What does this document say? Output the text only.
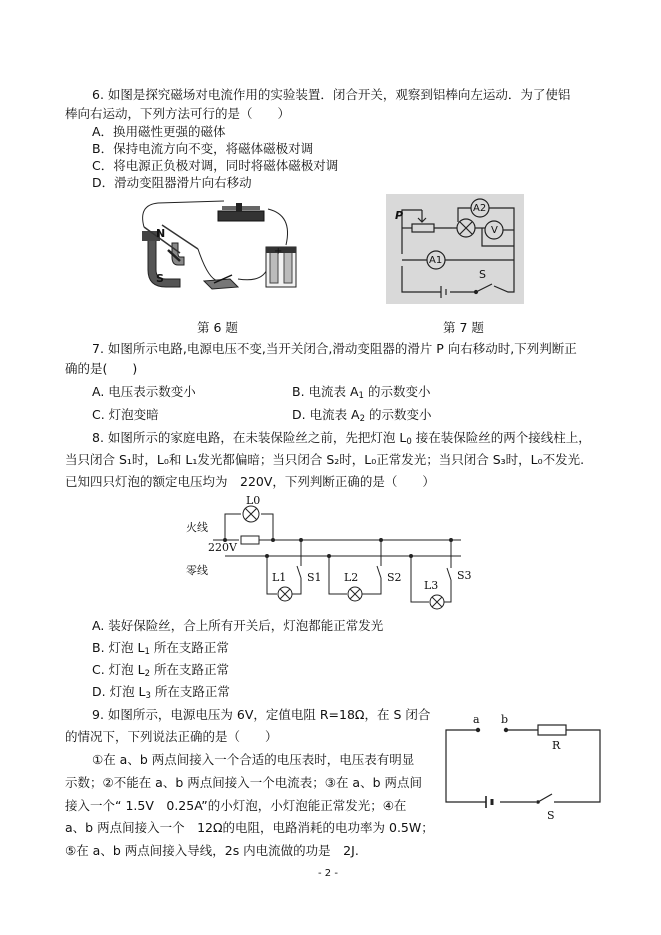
6. 如图是探究磁场对电流作用的实验装置．闭合开关，观察到铝棒向左运动．为了使铝
棒向右运动，下列方法可行的是（　　）
A．换用磁性更强的磁体
B．保持电流方向不变，将磁体磁极对调
C．将电源正负极对调，同时将磁体磁极对调
D．滑动变阻器滑片向右移动
N
S
+
第 6 题
P
A2
V
A1
S
第 7 题
7. 如图所示电路,电源电压不变,当开关闭合,滑动变阻器的滑片 P 向右移动时,下列判断正
确的是(　　)
A. 电压表示数变小	B. 电流表 $A_1$ 的示数变小
C. 灯泡变暗	D. 电流表 $A_2$ 的示数变小
8. 如图所示的家庭电路，在未装保险丝之前，先把灯泡 $L_0$ 接在装保险丝的两个接线柱上，
当只闭合 S₁时，L₀和 L₁发光都偏暗；当只闭合 S₂时，L₀正常发光；当只闭合 S₃时，L₀不发光.
已知四只灯泡的额定电压均为　220V，下列判断正确的是（　　）
L0
火线
220V
零线
L1 S1 L2	S2
L3
S3
A. 装好保险丝，合上所有开关后，灯泡都能正常发光
B. 灯泡 $L_1$ 所在支路正常
C. 灯泡 $L_2$ 所在支路正常
D. 灯泡 $L_3$ 所在支路正常
9. 如图所示，电源电压为 6V，定值电阻 R=18Ω，在 S 闭合
的情况下，下列说法正确的是（　　）
①在 a、b 两点间接入一个合适的电压表时，电压表有明显
示数；②不能在 a、b 两点间接入一个电流表；③在 a、b 两点间
接入一个“ 1.5V　0.25A”的小灯泡，小灯泡能正常发光；④在
a、b 两点间接入一个　12Ω的电阻，电路消耗的电功率为 0.5W；
⑤在 a、b 两点间接入导线，2s 内电流做的功是　2J.
a b
R
S
- 2 -
